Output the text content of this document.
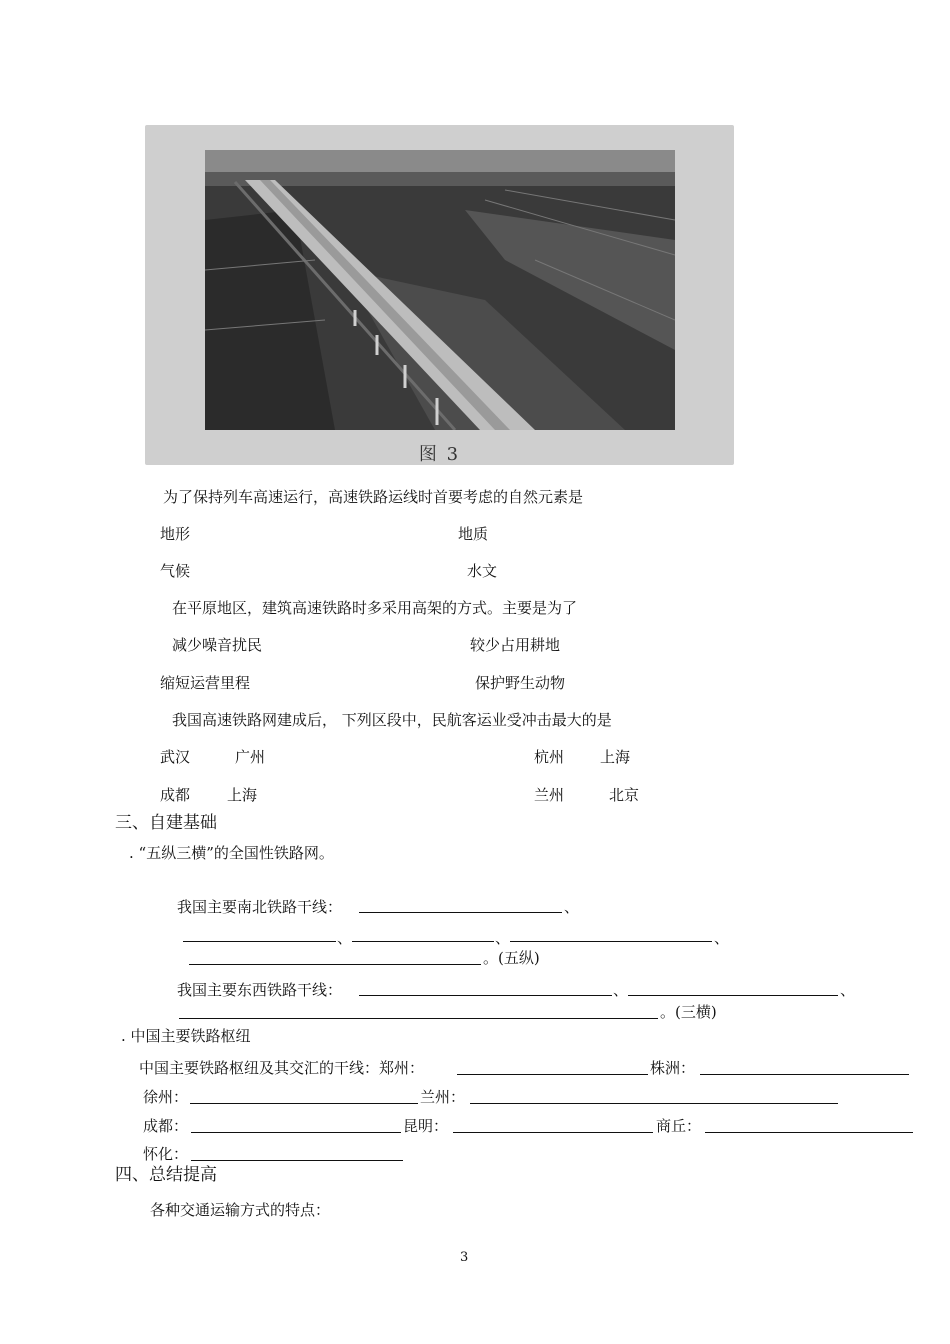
图 3
为了保持列车高速运行，高速铁路运线时首要考虑的自然元素是
地形	地质
气候	水文
在平原地区，建筑高速铁路时多采用高架的方式。主要是为了
减少噪音扰民	较少占用耕地
缩短运营里程	保护野生动物
我国高速铁路网建成后， 下列区段中，民航客运业受冲击最大的是
武汉	广州	杭州 上海
成都 上海	兰州	北京
三、自建基础
. “五纵三横”的全国性铁路网。
我国主要南北铁路干线：	、
、	、	、
。(五纵)
我国主要东西铁路干线：	、	、
。(三横)
. 中国主要铁路枢纽
中国主要铁路枢纽及其交汇的干线：郑州：	株洲：
徐州：	兰州：
成都：	昆明：	商丘：
怀化：
四、总结提高
各种交通运输方式的特点：
3
